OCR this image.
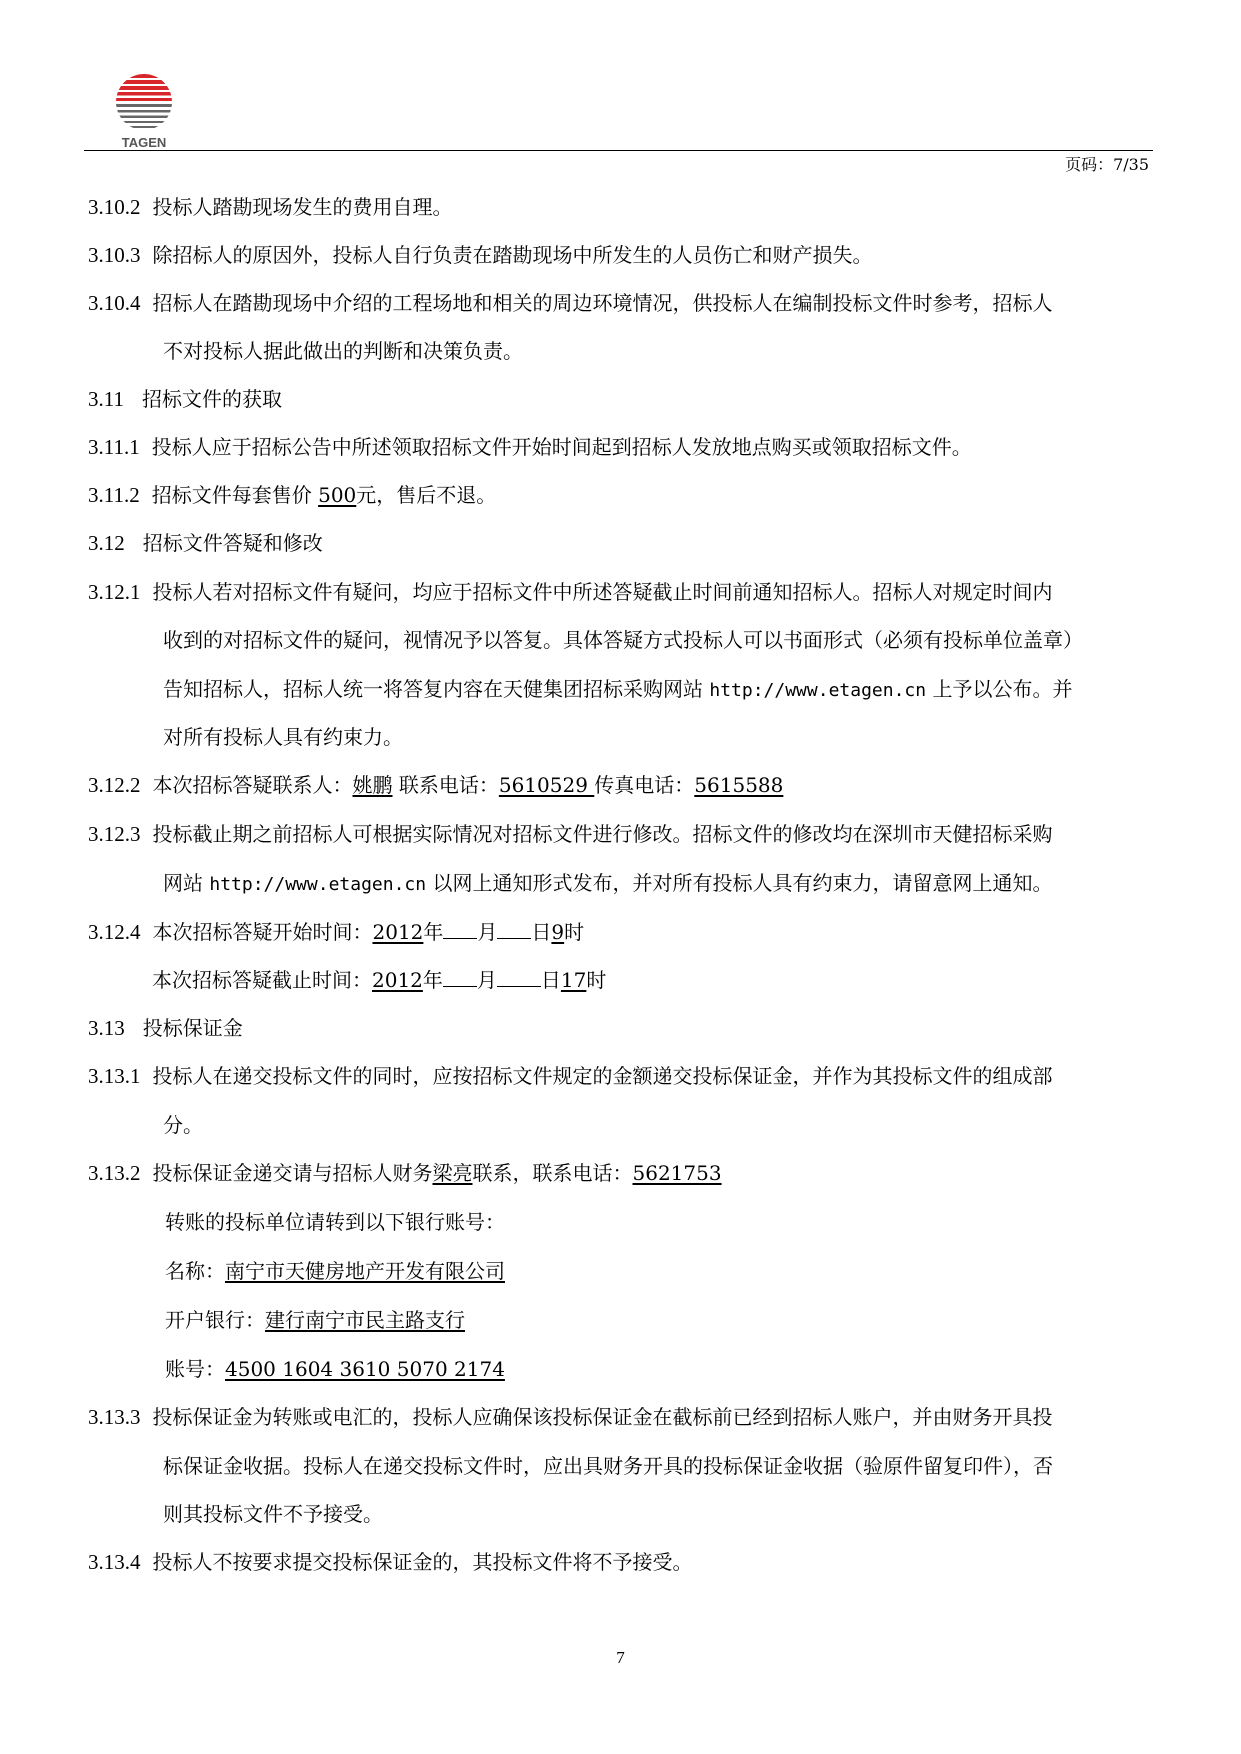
TAGEN
页码：7/35
3.10.2 投标人踏勘现场发生的费用自理。
3.10.3 除招标人的原因外，投标人自行负责在踏勘现场中所发生的人员伤亡和财产损失。
3.10.4 招标人在踏勘现场中介绍的工程场地和相关的周边环境情况，供投标人在编制投标文件时参考，招标人
不对投标人据此做出的判断和决策负责。
3.11 招标文件的获取
3.11.1 投标人应于招标公告中所述领取招标文件开始时间起到招标人发放地点购买或领取招标文件。
3.11.2 招标文件每套售价 500元，售后不退。
3.12 招标文件答疑和修改
3.12.1 投标人若对招标文件有疑问，均应于招标文件中所述答疑截止时间前通知招标人。招标人对规定时间内
收到的对招标文件的疑问，视情况予以答复。具体答疑方式投标人可以书面形式（必须有投标单位盖章）
告知招标人，招标人统一将答复内容在天健集团招标采购网站 http://www.etagen.cn 上予以公布。并
对所有投标人具有约束力。
3.12.2 本次招标答疑联系人：姚鹏 联系电话：5610529 传真电话：5615588
3.12.3 投标截止期之前招标人可根据实际情况对招标文件进行修改。招标文件的修改均在深圳市天健招标采购
网站 http://www.etagen.cn 以网上通知形式发布，并对所有投标人具有约束力，请留意网上通知。
3.12.4 本次招标答疑开始时间：2012年 月 日9时
本次招标答疑截止时间：2012年 月 日17时
3.13 投标保证金
3.13.1 投标人在递交投标文件的同时，应按招标文件规定的金额递交投标保证金，并作为其投标文件的组成部
分。
3.13.2 投标保证金递交请与招标人财务梁亮联系，联系电话：5621753
转账的投标单位请转到以下银行账号：
名称：南宁市天健房地产开发有限公司
开户银行：建行南宁市民主路支行
账号：4500 1604 3610 5070 2174
3.13.3 投标保证金为转账或电汇的，投标人应确保该投标保证金在截标前已经到招标人账户，并由财务开具投
标保证金收据。投标人在递交投标文件时，应出具财务开具的投标保证金收据（验原件留复印件），否
则其投标文件不予接受。
3.13.4 投标人不按要求提交投标保证金的，其投标文件将不予接受。
7
